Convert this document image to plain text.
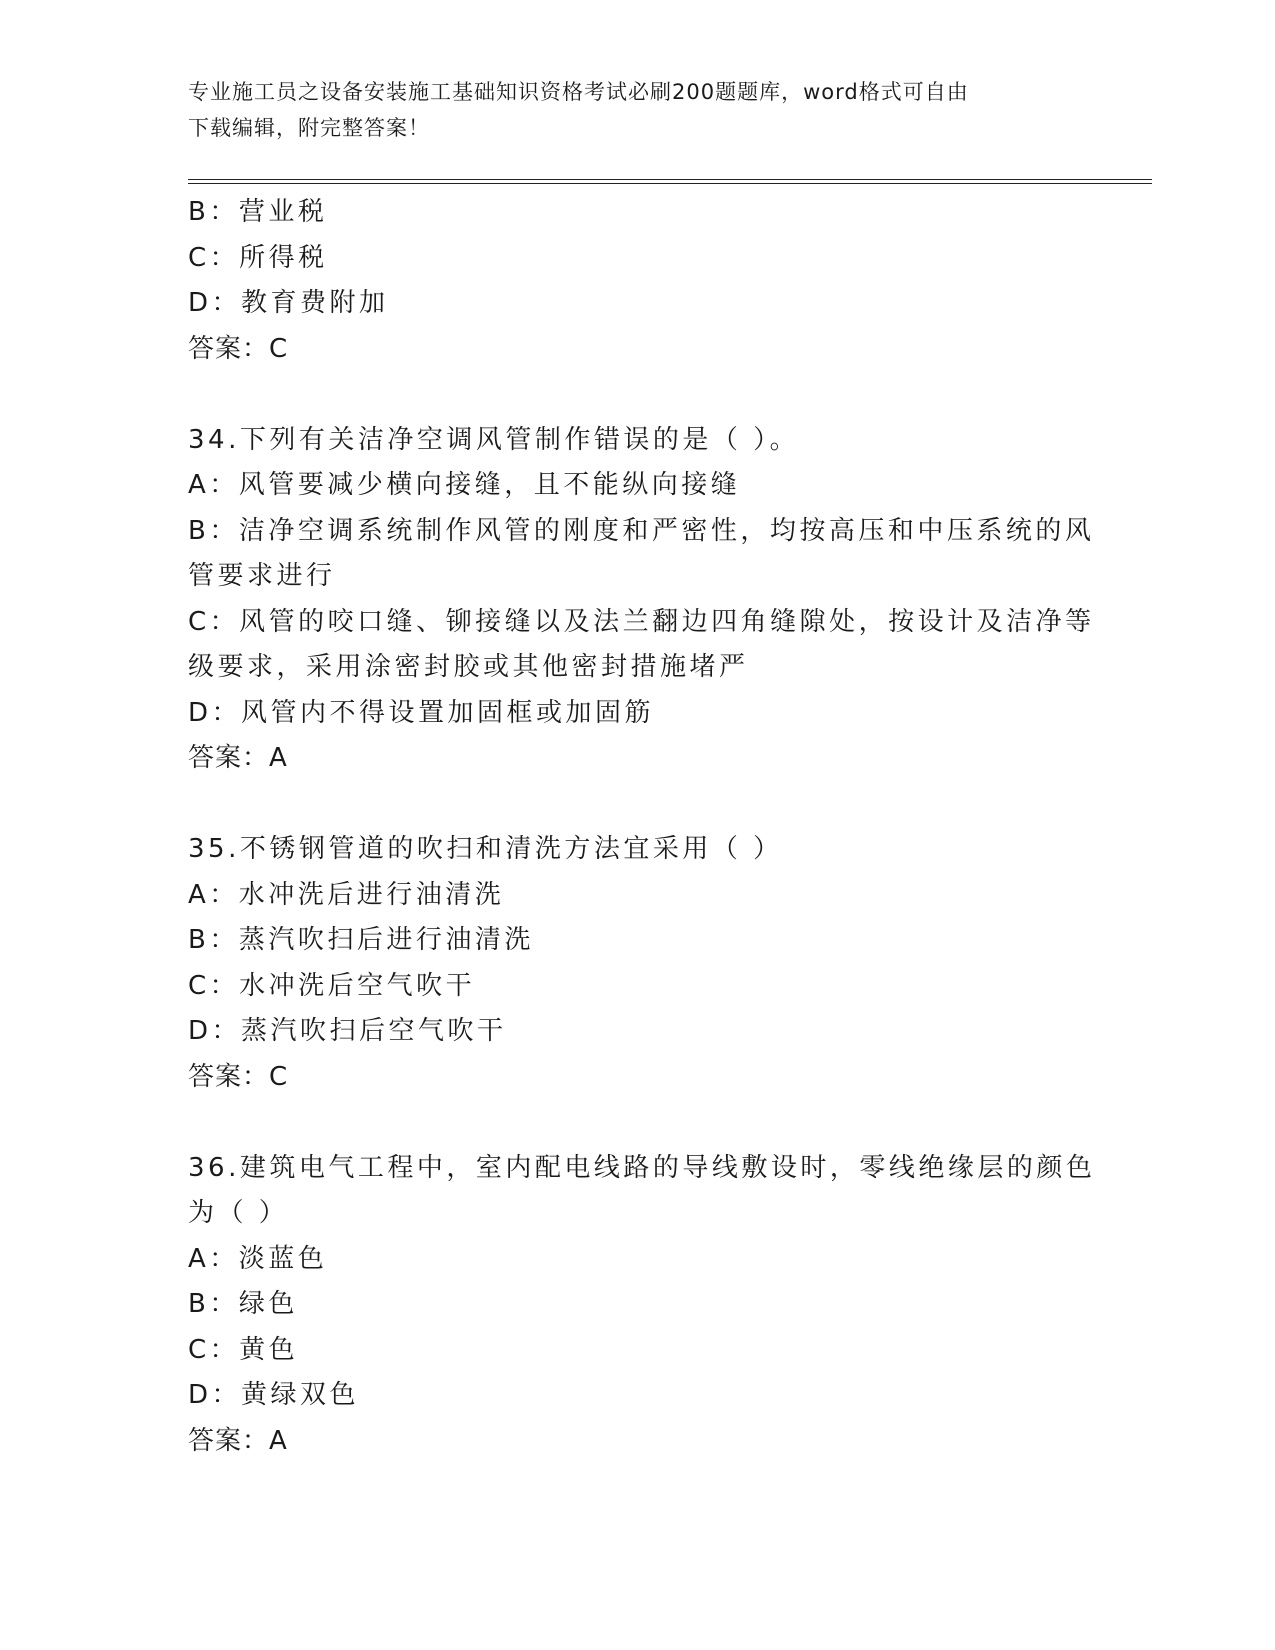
专业施工员之设备安装施工基础知识资格考试必刷200题题库，word格式可自由
下载编辑，附完整答案！
B：营业税
C：所得税
D：教育费附加
答案：C
34.下列有关洁净空调风管制作错误的是（ ）。
A：风管要减少横向接缝，且不能纵向接缝
B：洁净空调系统制作风管的刚度和严密性，均按高压和中压系统的风
管要求进行
C：风管的咬口缝、铆接缝以及法兰翻边四角缝隙处，按设计及洁净等
级要求，采用涂密封胶或其他密封措施堵严
D：风管内不得设置加固框或加固筋
答案：A
35.不锈钢管道的吹扫和清洗方法宜采用（ ）
A：水冲洗后进行油清洗
B：蒸汽吹扫后进行油清洗
C：水冲洗后空气吹干
D：蒸汽吹扫后空气吹干
答案：C
36.建筑电气工程中，室内配电线路的导线敷设时，零线绝缘层的颜色
为（ ）
A：淡蓝色
B：绿色
C：黄色
D：黄绿双色
答案：A
